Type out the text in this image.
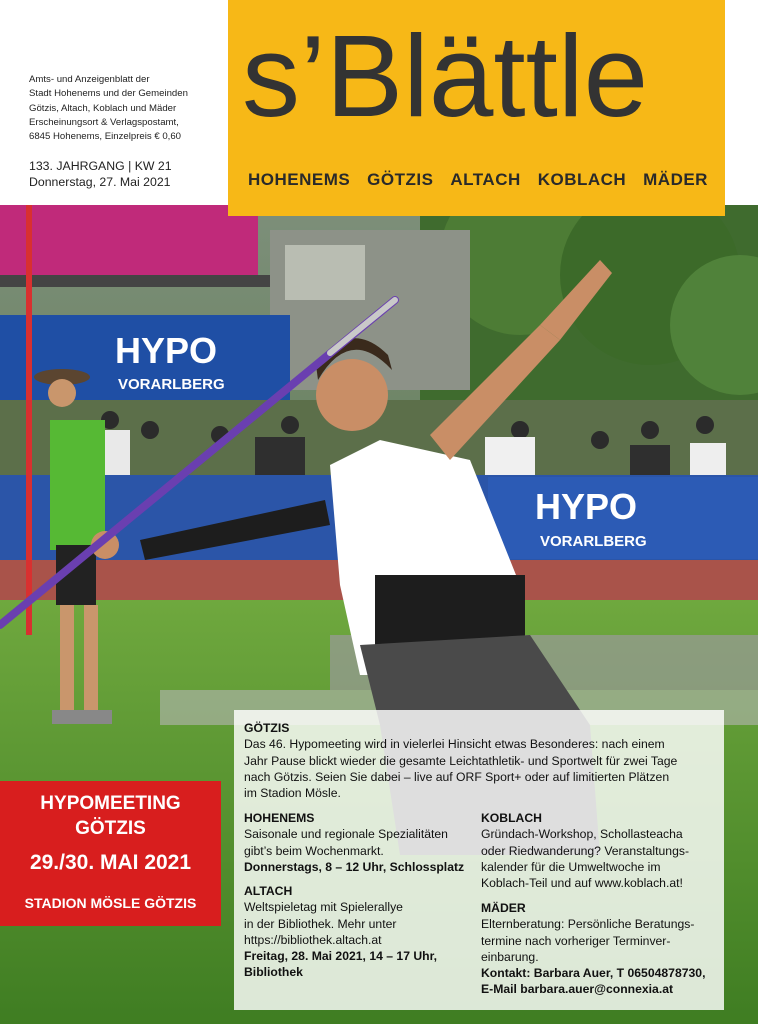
Amts- und Anzeigenblatt der
Stadt Hohenems und der Gemeinden
Götzis, Altach, Koblach und Mäder
Erscheinungsort & Verlagspostamt,
6845 Hohenems, Einzelpreis € 0,60
133. JAHRGANG | KW 21
Donnerstag, 27. Mai 2021
HYPO
VORARLBERG
HYPO
VORARLBERG
s’Blättle
HOHENEMS GÖTZIS ALTACH KOBLACH MÄDER
HYPOMEETING
GÖTZIS
29./30. MAI 2021
STADION MÖSLE GÖTZIS
GÖTZIS
Das 46. Hypomeeting wird in vielerlei Hinsicht etwas Besonderes: nach einem
Jahr Pause blickt wieder die gesamte Leichtathletik- und Sportwelt für zwei Tage
nach Götzis. Seien Sie dabei – live auf ORF Sport+ oder auf limitierten Plätzen
im Stadion Mösle.
HOHENEMS
Saisonale und regionale Spezialitäten
gibt’s beim Wochenmarkt.
Donnerstags, 8 – 12 Uhr, Schlossplatz
ALTACH
Weltspieletag mit Spielerallye
in der Bibliothek. Mehr unter
https://bibliothek.altach.at
Freitag, 28. Mai 2021, 14 – 17 Uhr,
Bibliothek
KOBLACH
Gründach-Workshop, Schollasteacha
oder Riedwanderung? Veranstaltungs-
kalender für die Umweltwoche im
Koblach-Teil und auf www.koblach.at!
MÄDER
Elternberatung: Persönliche Beratungs-
termine nach vorheriger Terminver-
einbarung.
Kontakt: Barbara Auer, T 06504878730,
E-Mail barbara.auer@connexia.at
